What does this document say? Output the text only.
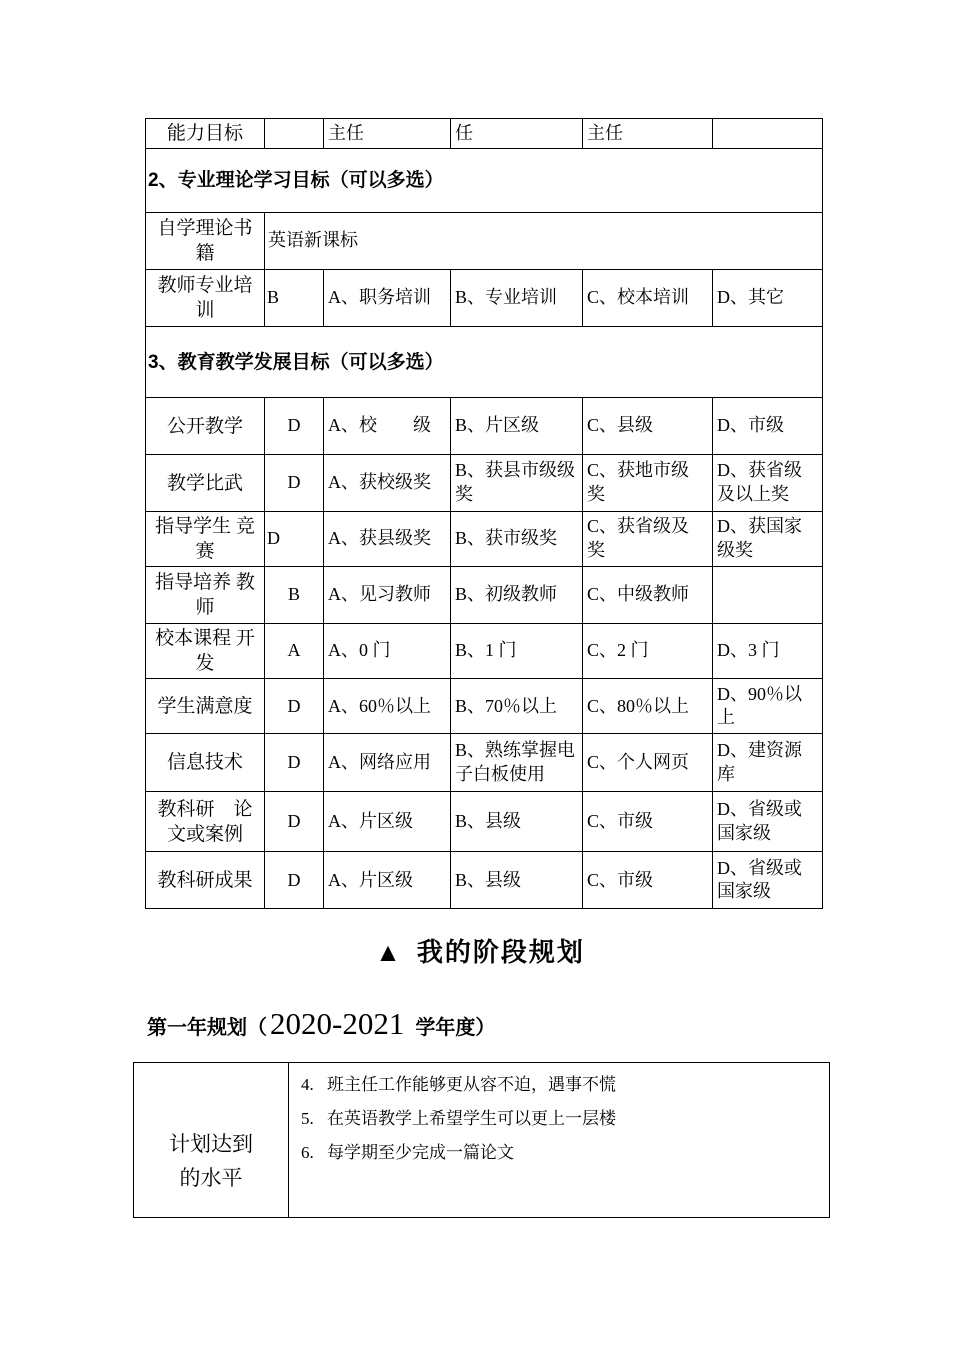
能力目标		主任	任	主任	
2、专业理论学习目标（可以多选）					
自学理论书籍	英语新课标				
教师专业培训	B	A、职务培训	B、专业培训	C、校本培训	D、其它
3、教育教学发展目标（可以多选）					
公开教学	D	A、校　　级	B、片区级	C、县级	D、市级
教学比武	D	A、获校级奖	B、获县市级级奖	C、获地市级奖	D、获省级及以上奖
指导学生 竞赛	D	A、获县级奖	B、获市级奖	C、获省级及奖	D、获国家级奖
指导培养 教师	B	A、见习教师	B、初级教师	C、中级教师	
校本课程 开发	A	A、0 门	B、1 门	C、2 门	D、3 门
学生满意度	D	A、60％以上	B、70％以上	C、80％以上	D、90％以上
信息技术	D	A、网络应用	B、熟练掌握电子白板使用	C、个人网页	D、建资源库
教科研　论文或案例	D	A、片区级	B、县级	C、市级	D、省级或国家级
教科研成果	D	A、片区级	B、县级	C、市级	D、省级或国家级
▲ 我的阶段规划
第一年规划（ 2020-2021 学年度）
计划达到的水平

4. 班主任工作能够更从容不迫，遇事不慌
5. 在英语教学上希望学生可以更上一层楼
6. 每学期至少完成一篇论文
